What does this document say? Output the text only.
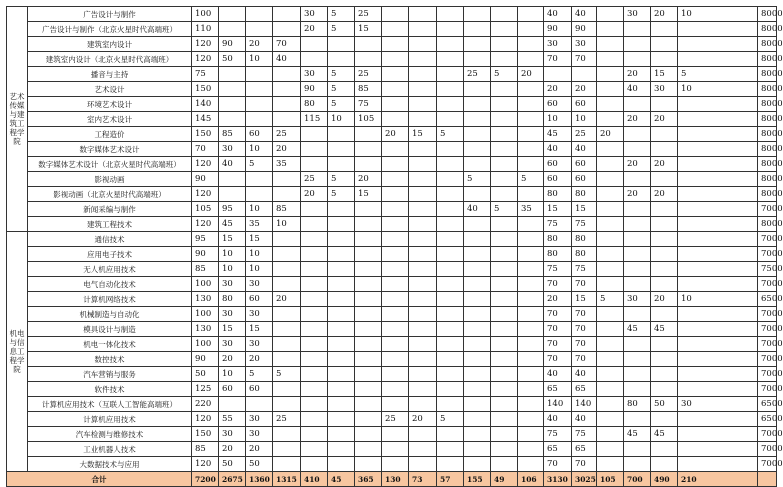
艺术传媒与建筑工程学院	广告设计与制作	100				30	5	25							40	40		30	20	10	8000	
	广告设计与制作（北京火星时代高端班）	110				20	5	15							90	90					8000	
	建筑室内设计	120	90	20	70										30	30					8000	
	建筑室内设计（北京火星时代高端班）	120	50	10	40										70	70					8000	
	播音与主持	75				30	5	25				25	5	20				20	15	5	8000	
	艺术设计	150				90	5	85							20	20		40	30	10	8000	
	环境艺术设计	140				80	5	75							60	60					8000	
	室内艺术设计	145				115	10	105							10	10		20	20		8000	
	工程造价	150	85	60	25				20	15	5				45	25	20				8000	
	数字媒体艺术设计	70	30	10	20										40	40					8000	
	数字媒体艺术设计（北京火星时代高端班）	120	40	5	35										60	60		20	20		8000	
	影视动画	90				25	5	20				5		5	60	60					8000	
	影视动画（北京火星时代高端班）	120				20	5	15							80	80		20	20		8000	
	新闻采编与制作	105	95	10	85							40	5	35	15	15					7000	
	建筑工程技术	120	45	35	10										75	75					8000	
机电与信息工程学院	通信技术	95	15	15											80	80					7000	
	应用电子技术	90	10	10											80	80					7000	
	无人机应用技术	85	10	10											75	75					7500	
	电气自动化技术	100	30	30											70	70					7000	
	计算机网络技术	130	80	60	20										20	15	5	30	20	10	6500	
	机械制造与自动化	100	30	30											70	70					7000	
	模具设计与制造	130	15	15											70	70		45	45		7000	
	机电一体化技术	100	30	30											70	70					7000	
	数控技术	90	20	20											70	70					7000	
	汽车营销与服务	50	10	5	5										40	40					7000	
	软件技术	125	60	60											65	65					7000	
	计算机应用技术（互联人工智能高端班）	220													140	140		80	50	30	6500	
	计算机应用技术	120	55	30	25				25	20	5				40	40					6500	
	汽车检测与维修技术	150	30	30											75	75		45	45		7000	
	工业机器人技术	85	20	20											65	65					7000	
	大数据技术与应用	120	50	50											70	70					7000	
合计		7200	2675	1360	1315	410	45	365	130	73	57	155	49	106	3130	3025	105	700	490	210		
